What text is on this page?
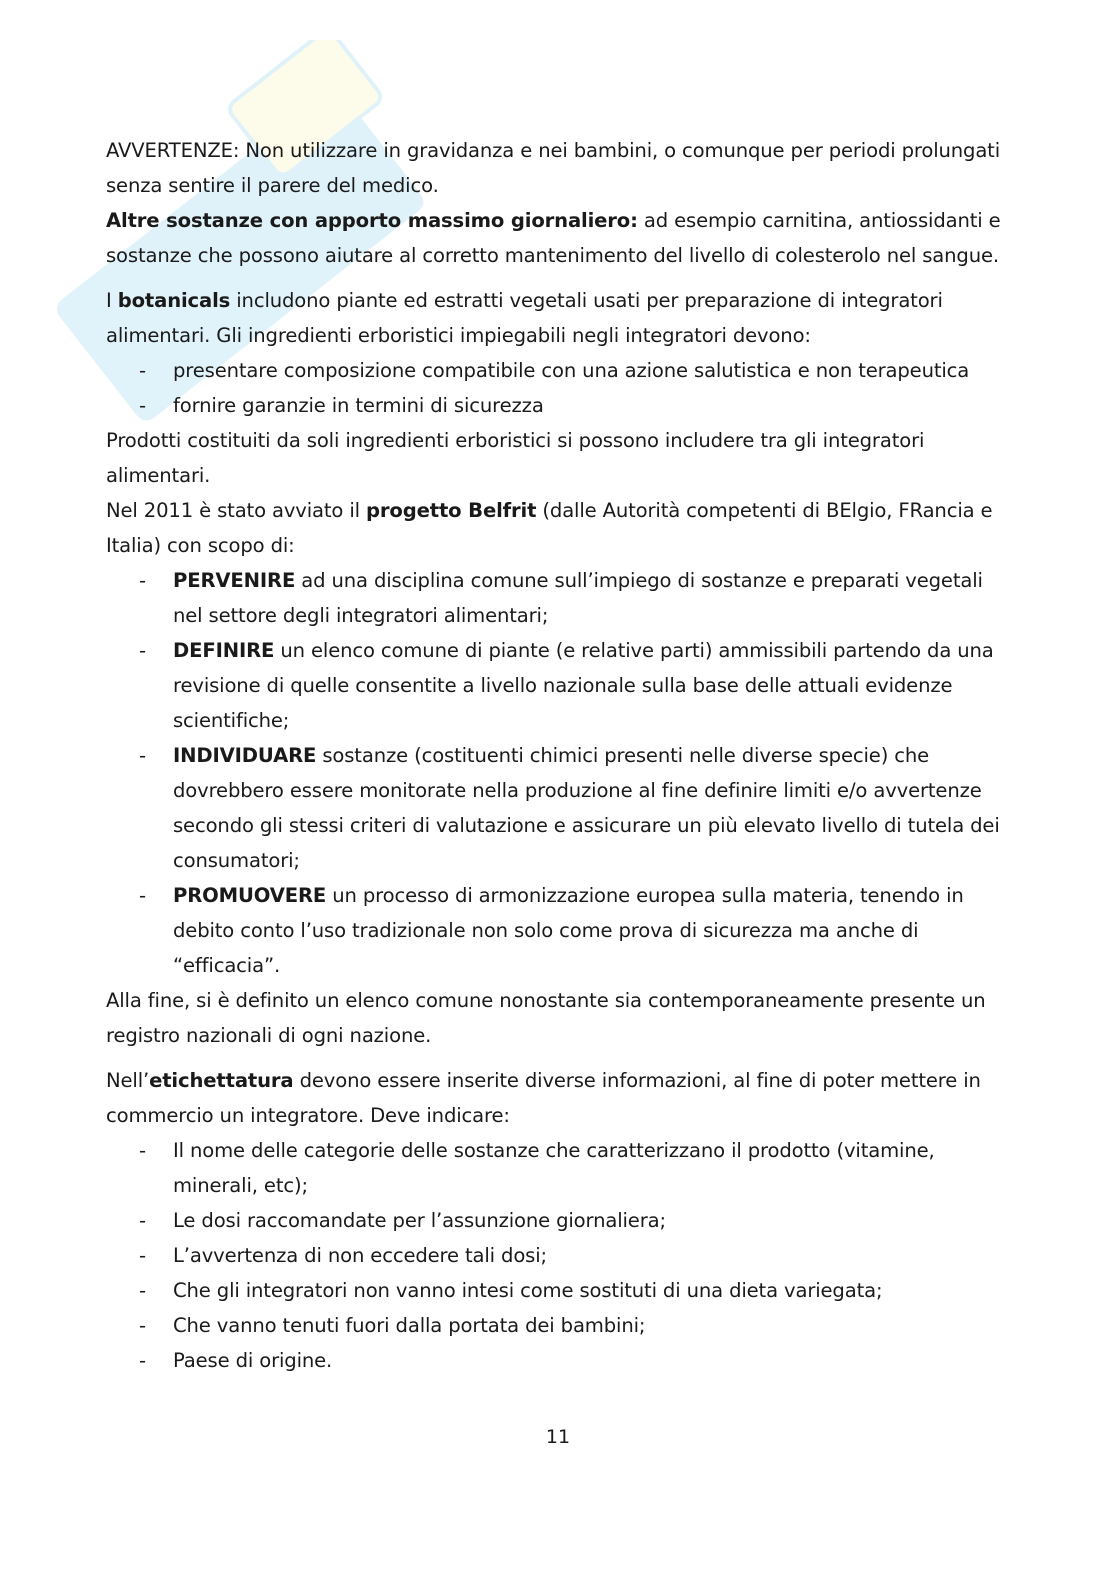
AVVERTENZE: Non utilizzare in gravidanza e nei bambini, o comunque per periodi prolungati senza sentire il parere del medico.

Altre sostanze con apporto massimo giornaliero: ad esempio carnitina, antiossidanti e sostanze che possono aiutare al corretto mantenimento del livello di colesterolo nel sangue.

I botanicals includono piante ed estratti vegetali usati per preparazione di integratori alimentari. Gli ingredienti erboristici impiegabili negli integratori devono:

- presentare composizione compatibile con una azione salutistica e non terapeutica
- fornire garanzie in termini di sicurezza

Prodotti costituiti da soli ingredienti erboristici si possono includere tra gli integratori alimentari.

Nel 2011 è stato avviato il progetto Belfrit (dalle Autorità competenti di BElgio, FRancia e Italia) con scopo di:

- PERVENIRE ad una disciplina comune sull’impiego di sostanze e preparati vegetali nel settore degli integratori alimentari;
- DEFINIRE un elenco comune di piante (e relative parti) ammissibili partendo da una revisione di quelle consentite a livello nazionale sulla base delle attuali evidenze scientifiche;
- INDIVIDUARE sostanze (costituenti chimici presenti nelle diverse specie) che dovrebbero essere monitorate nella produzione al fine definire limiti e/o avvertenze secondo gli stessi criteri di valutazione e assicurare un più elevato livello di tutela dei consumatori;
- PROMUOVERE un processo di armonizzazione europea sulla materia, tenendo in debito conto l’uso tradizionale non solo come prova di sicurezza ma anche di “efficacia”.

Alla fine, si è definito un elenco comune nonostante sia contemporaneamente presente un registro nazionali di ogni nazione.

Nell’etichettatura devono essere inserite diverse informazioni, al fine di poter mettere in commercio un integratore. Deve indicare:

- Il nome delle categorie delle sostanze che caratterizzano il prodotto (vitamine, minerali, etc);
- Le dosi raccomandate per l’assunzione giornaliera;
- L’avvertenza di non eccedere tali dosi;
- Che gli integratori non vanno intesi come sostituti di una dieta variegata;
- Che vanno tenuti fuori dalla portata dei bambini;
- Paese di origine.
11
